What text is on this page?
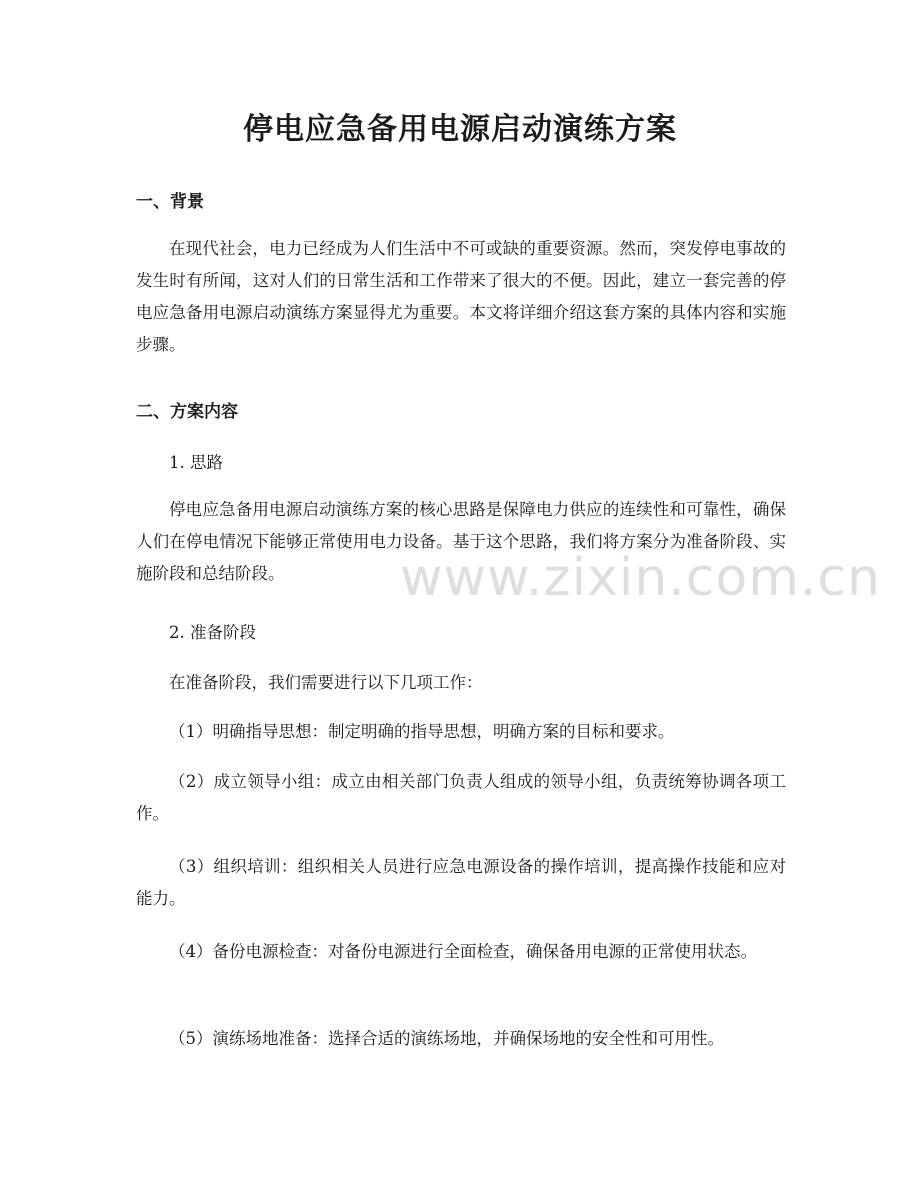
停电应急备用电源启动演练方案
一、背景
在现代社会，电力已经成为人们生活中不可或缺的重要资源。然而，突发停电事故的发生时有所闻，这对人们的日常生活和工作带来了很大的不便。因此，建立一套完善的停电应急备用电源启动演练方案显得尤为重要。本文将详细介绍这套方案的具体内容和实施步骤。
二、方案内容
1. 思路
停电应急备用电源启动演练方案的核心思路是保障电力供应的连续性和可靠性，确保人们在停电情况下能够正常使用电力设备。基于这个思路，我们将方案分为准备阶段、实施阶段和总结阶段。	www.zixin.com.cn
2. 准备阶段
在准备阶段，我们需要进行以下几项工作：
（1）明确指导思想：制定明确的指导思想，明确方案的目标和要求。
（2）成立领导小组：成立由相关部门负责人组成的领导小组，负责统筹协调各项工作。
（3）组织培训：组织相关人员进行应急电源设备的操作培训，提高操作技能和应对能力。
（4）备份电源检查：对备份电源进行全面检查，确保备用电源的正常使用状态。
（5）演练场地准备：选择合适的演练场地，并确保场地的安全性和可用性。
